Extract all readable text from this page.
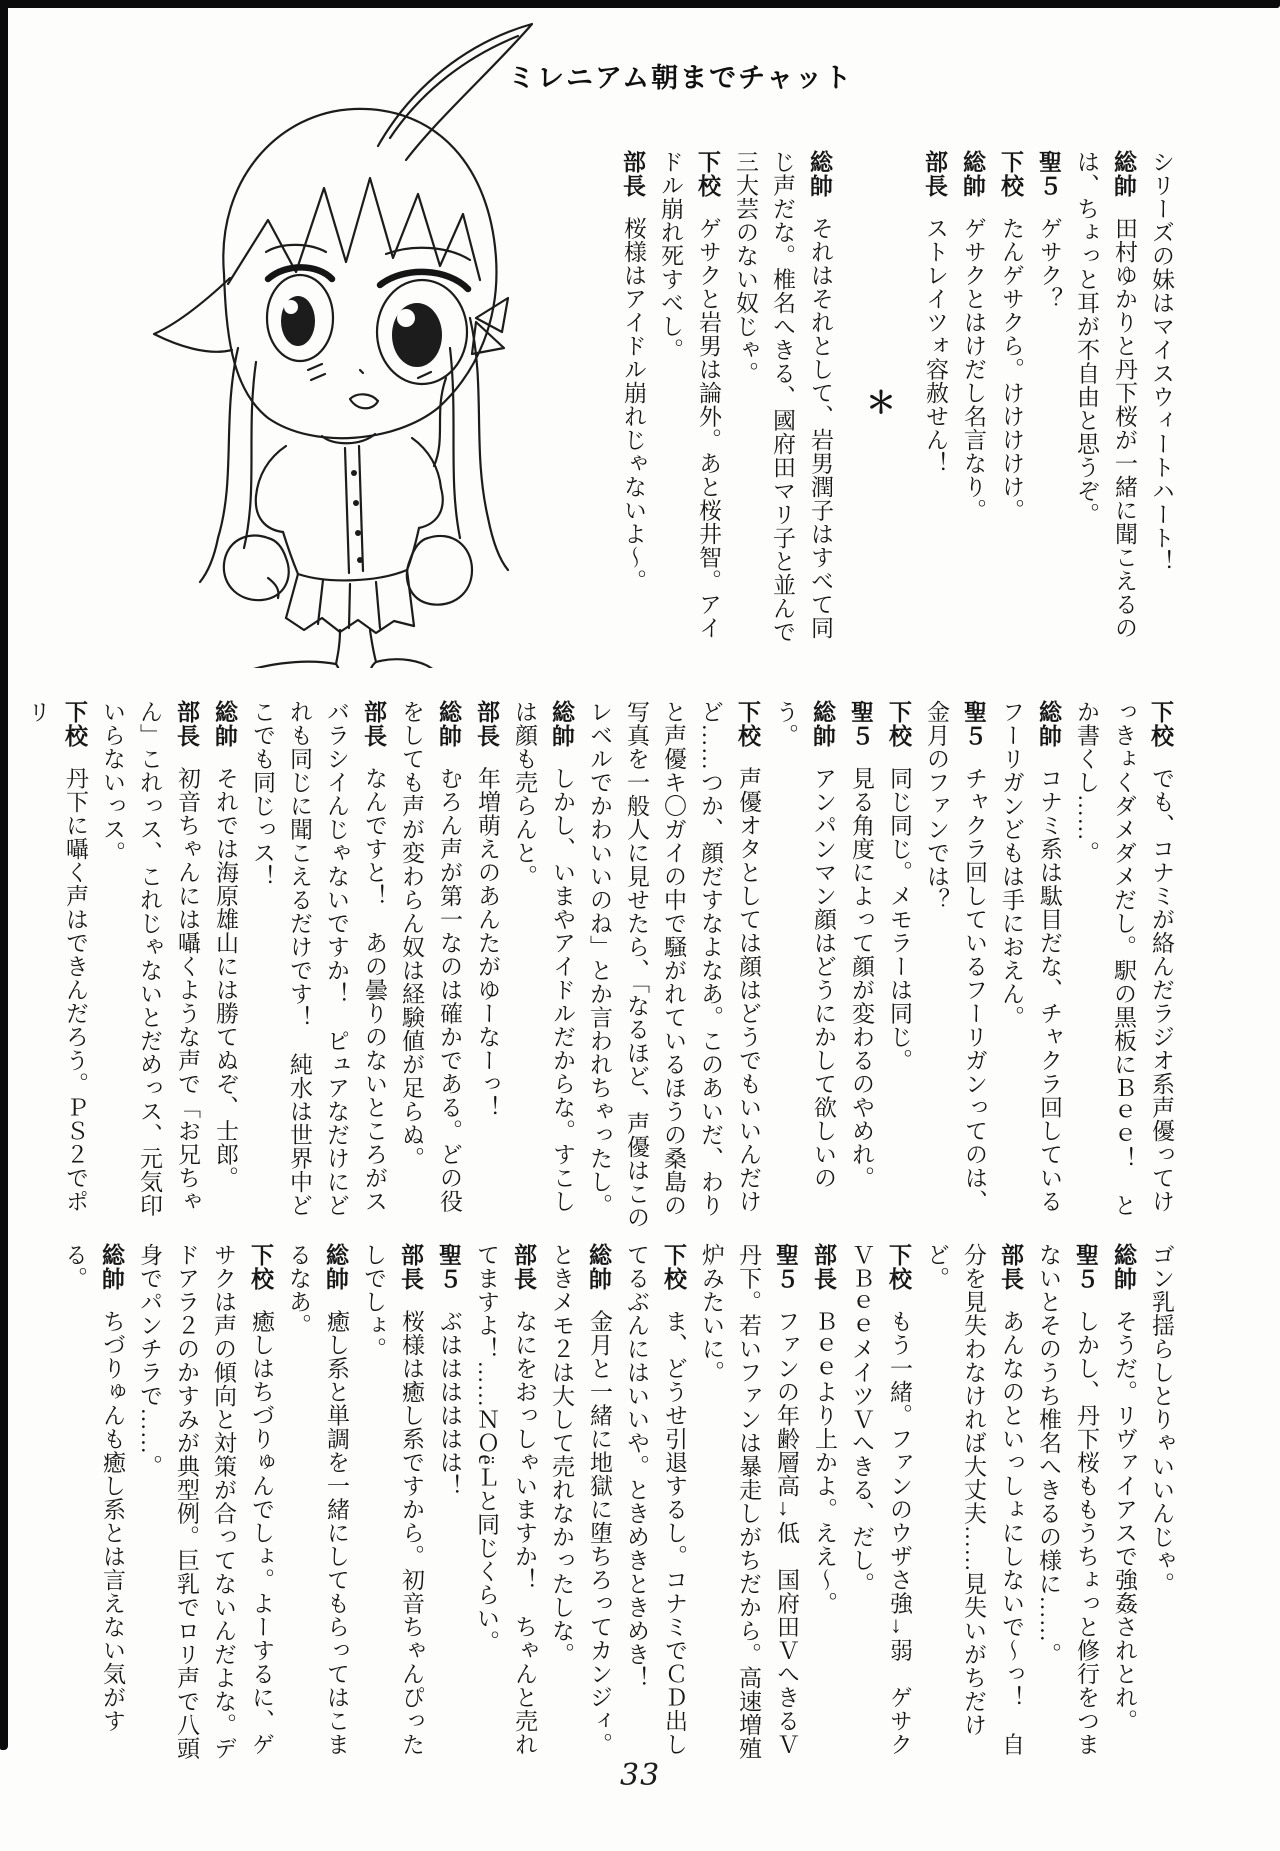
ミレニアム朝までチャット

シリーズの妹はマイスウィートハート！

総帥田村ゆかりと丹下桜が一緒に聞こえるのは、ちょっと耳が不自由と思うぞ。

聖５ゲサク？

下校たんゲサクら。けけけけけ。

総帥ゲサクとはけだし名言なり。

部長ストレイツォ容赦せん！

＊

総帥それはそれとして、岩男潤子はすべて同じ声だな。椎名へきる、國府田マリ子と並んで三大芸のない奴じゃ。

下校ゲサクと岩男は論外。あと桜井智。アイドル崩れ死すべし。

部長桜様はアイドル崩れじゃないよ〜。

下校でも、コナミが絡んだラジオ系声優ってけっきょくダメダメだし。駅の黒板にＢｅｅ！　とか書くし……。

総帥コナミ系は駄目だな、チャクラ回しているフーリガンどもは手におえん。

聖５チャクラ回しているフーリガンってのは、金月のファンでは？

下校同じ同じ。メモラーは同じ。

聖５見る角度によって顔が変わるのやめれ。

総帥アンパンマン顔はどうにかして欲しいのう。

下校声優オタとしては顔はどうでもいいんだけど……つか、顔だすなよなあ。このあいだ、わりと声優キ〇ガイの中で騒がれているほうの桑島の写真を一般人に見せたら、「なるほど、声優はこのレベルでかわいいのね」とか言われちゃったし。

総帥しかし、いまやアイドルだからな。すこしは顔も売らんと。

部長年増萌えのあんたがゆーなーっ！

総帥むろん声が第一なのは確かである。どの役をしても声が変わらん奴は経験値が足らぬ。

部長なんですと！　あの曇りのないところがスバラシイんじゃないですか！　ピュアなだけにどれも同じに聞こえるだけです！　純水は世界中どこでも同じっス！

総帥それでは海原雄山には勝てぬぞ、士郎。

部長初音ちゃんには囁くような声で「お兄ちゃん」これっス、これじゃないとだめっス、元気印いらないっス。

下校丹下に囁く声はできんだろう。ＰＳ２でポリ

ゴン乳揺らしとりゃいいんじゃ。

総帥そうだ。リヴァイアスで強姦されとれ。

聖５しかし、丹下桜ももうちょっと修行をつまないとそのうち椎名へきるの様に……。

部長あんなのといっしょにしないで〜っ！　自分を見失わなければ大丈夫……見失いがちだけど。

下校もう一緒。ファンのウザさ強→弱　ゲサクＶＢｅｅメイツＶへきる、だし。

部長Ｂｅｅより上かよ。ええ〜。

聖５ファンの年齢層高→低　国府田ＶへきるＶ丹下。若いファンは暴走しがちだから。高速増殖炉みたいに。

下校ま、どうせ引退するし。コナミでＣＤ出してるぶんにはいいや。ときめきときめき！

総帥金月と一緒に地獄に堕ちろってカンジィ。ときメモ２は大して売れなかったしな。

部長なにをおっしゃいますか！　ちゃんと売れてますよ！……ＮＯёＬと同じくらい。

聖５ぶはははははは！

部長桜様は癒し系ですから。初音ちゃんぴったしでしょ。

総帥癒し系と単調を一緒にしてもらってはこまるなあ。

下校癒しはちづりゅんでしょ。よーするに、ゲサクは声の傾向と対策が合ってないんだよな。デドアラ２のかすみが典型例。巨乳でロリ声で八頭身でパンチラで……。

総帥ちづりゅんも癒し系とは言えない気がする。

33
